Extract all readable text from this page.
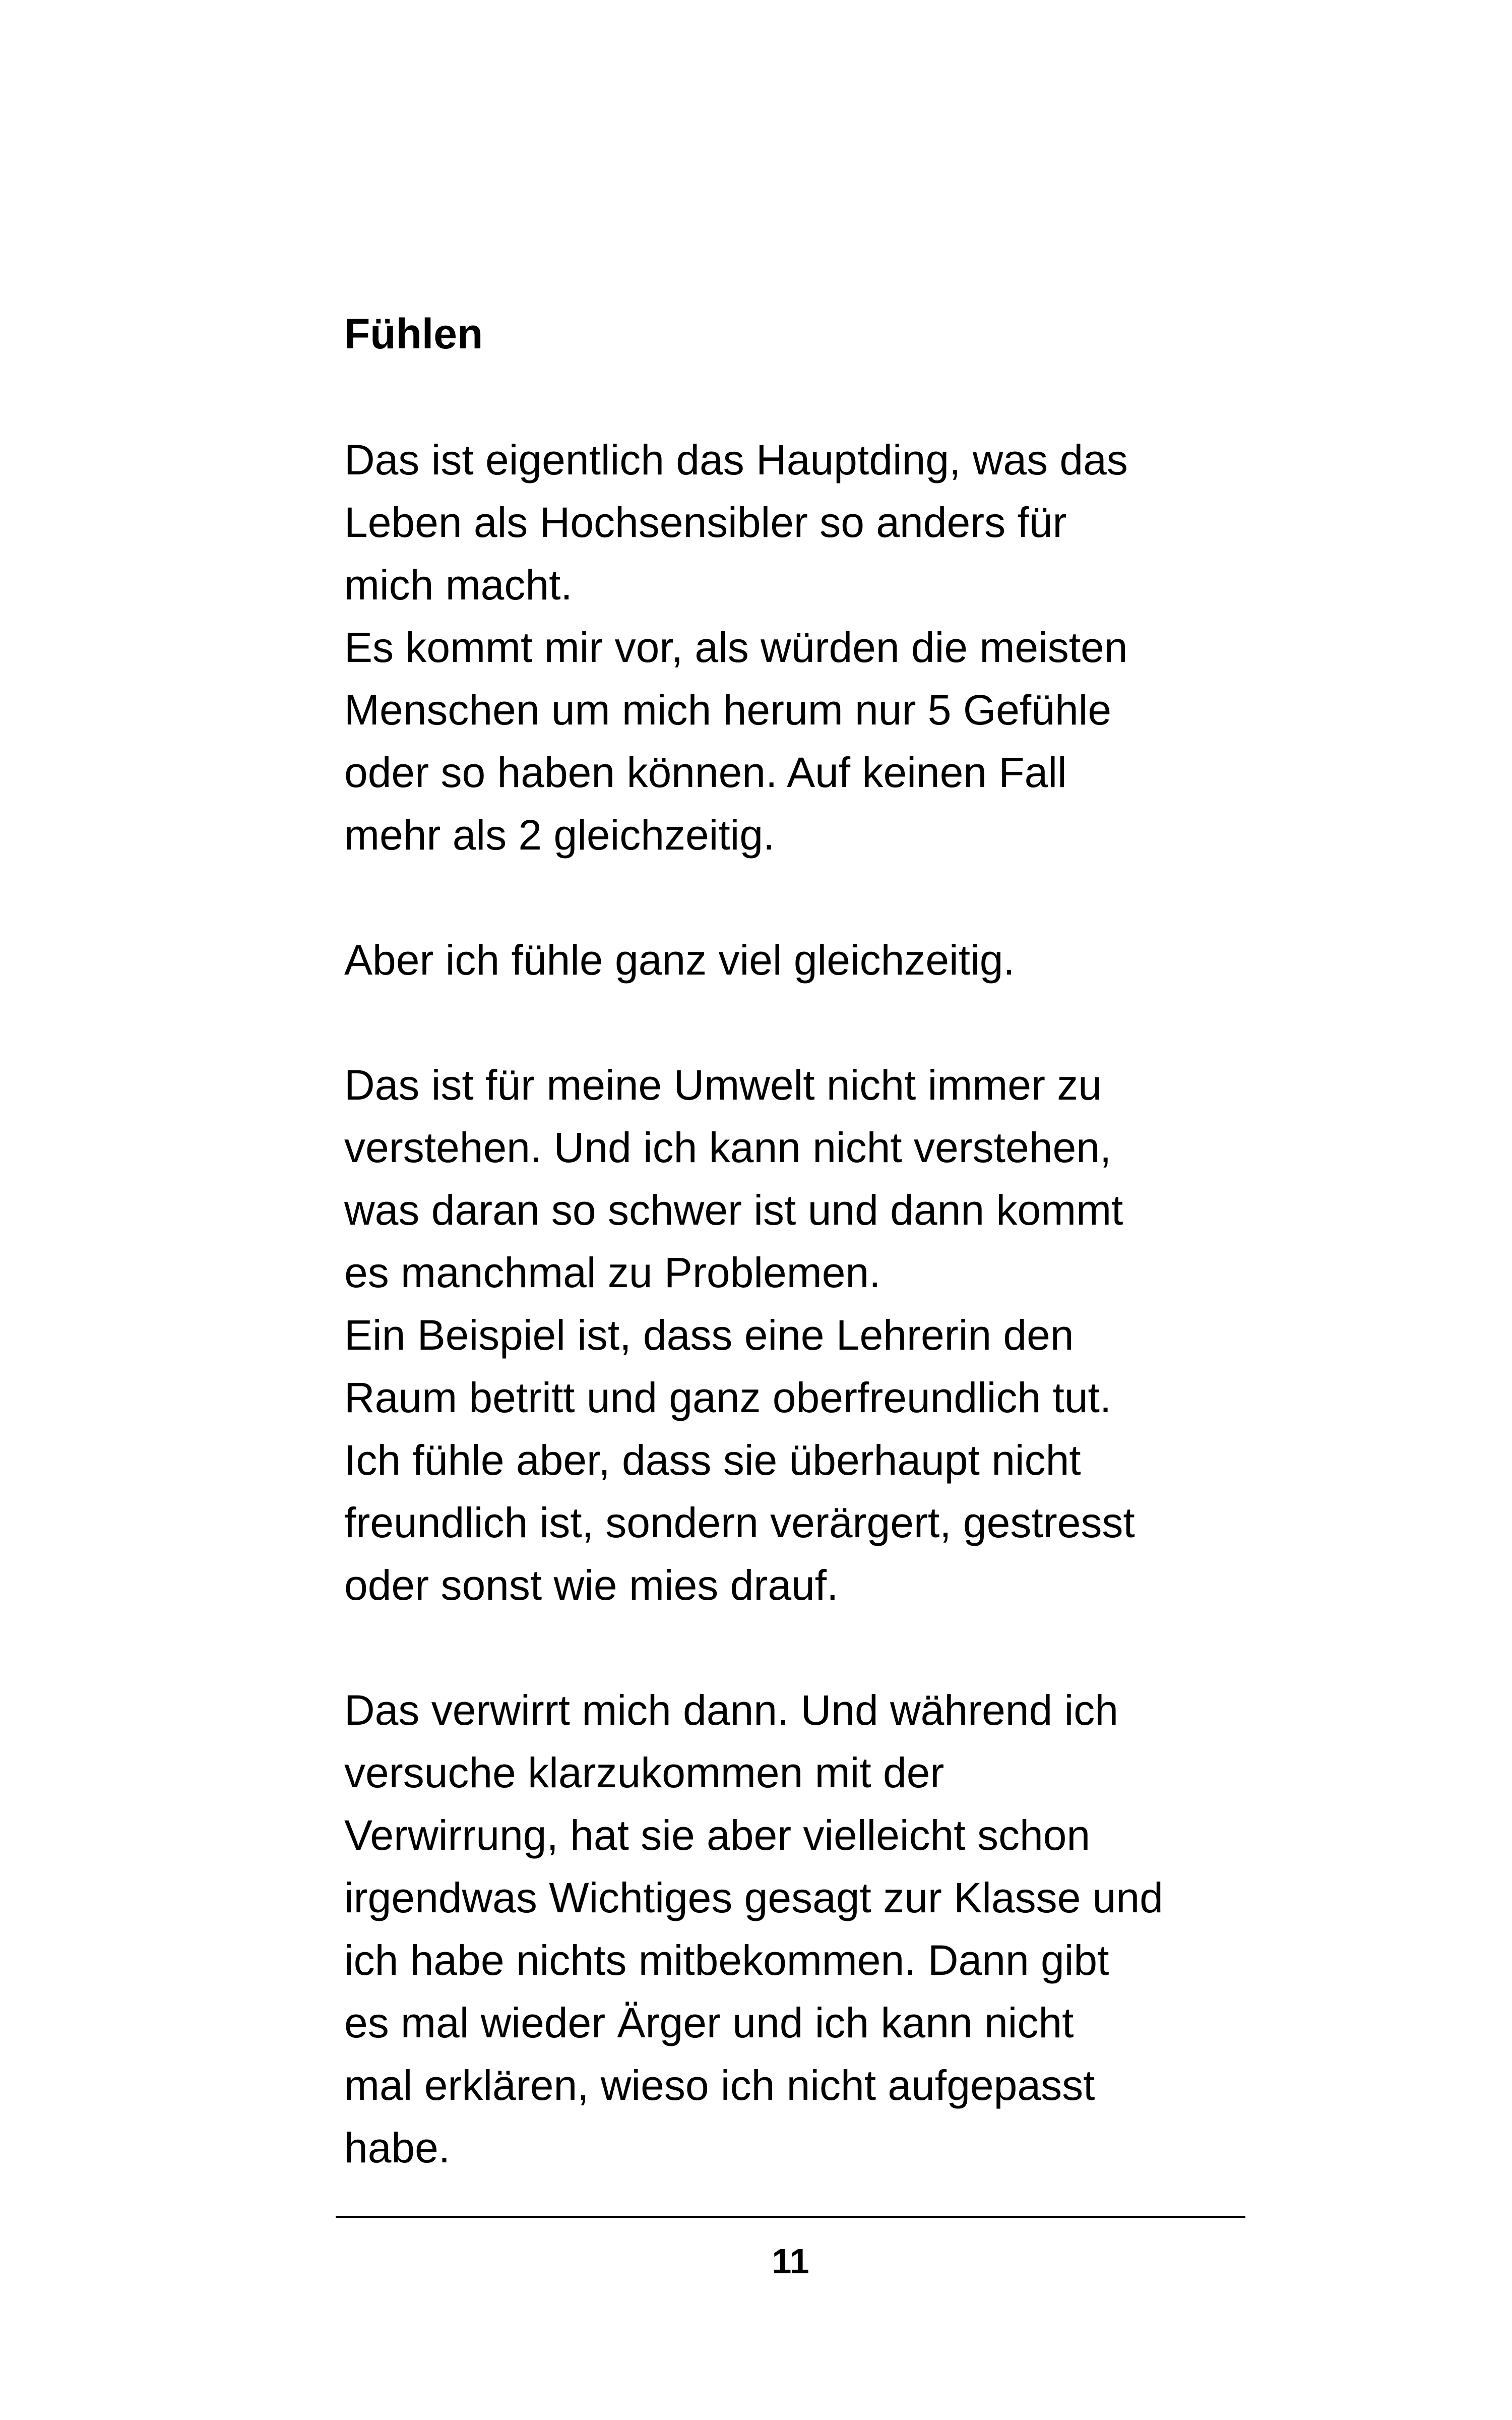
Fühlen

Das ist eigentlich das Hauptding, was das

Leben als Hochsensibler so anders für

mich macht.

Es kommt mir vor, als würden die meisten

Menschen um mich herum nur 5 Gefühle

oder so haben können. Auf keinen Fall

mehr als 2 gleichzeitig.

Aber ich fühle ganz viel gleichzeitig.

Das ist für meine Umwelt nicht immer zu

verstehen. Und ich kann nicht verstehen,

was daran so schwer ist und dann kommt

es manchmal zu Problemen.

Ein Beispiel ist, dass eine Lehrerin den

Raum betritt und ganz oberfreundlich tut.

Ich fühle aber, dass sie überhaupt nicht

freundlich ist, sondern verärgert, gestresst

oder sonst wie mies drauf.

Das verwirrt mich dann. Und während ich

versuche klarzukommen mit der

Verwirrung, hat sie aber vielleicht schon

irgendwas Wichtiges gesagt zur Klasse und

ich habe nichts mitbekommen. Dann gibt

es mal wieder Ärger und ich kann nicht

mal erklären, wieso ich nicht aufgepasst

habe.

11
